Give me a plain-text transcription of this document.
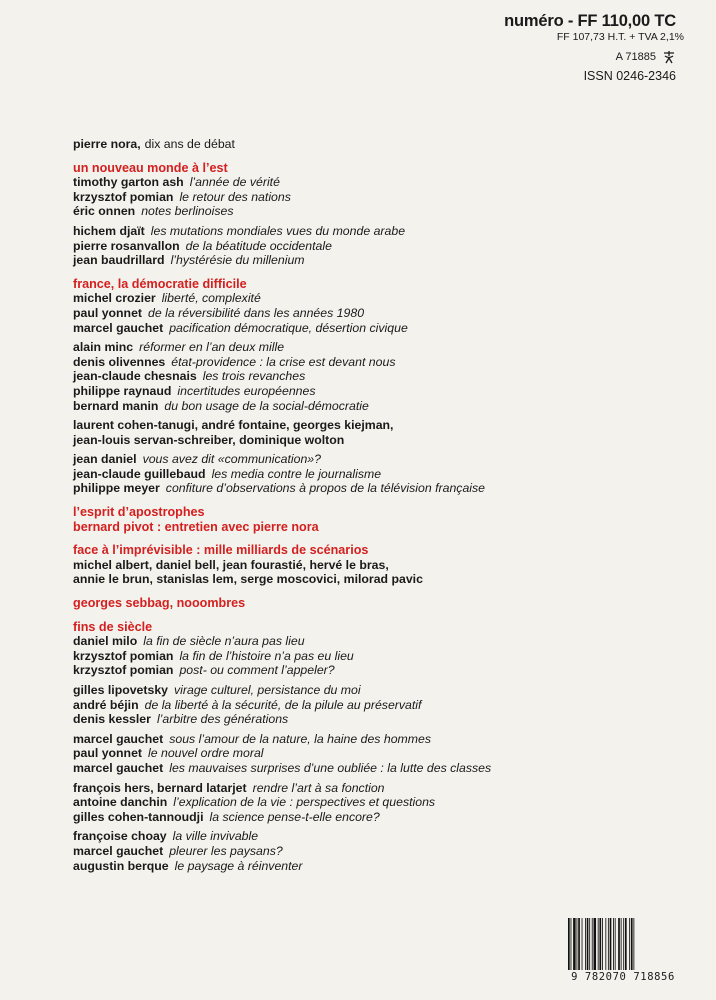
numéro - FF 110,00 TC
FF 107,73 H.T. + TVA 2,1%
A 71885
ISSN 0246-2346
pierre nora, dix ans de débat
un nouveau monde à l’est
timothy garton ash l’année de vérité
krzysztof pomian le retour des nations
éric onnen notes berlinoises
hichem djaït les mutations mondiales vues du monde arabe
pierre rosanvallon de la béatitude occidentale
jean baudrillard l’hystérésie du millenium
france, la démocratie difficile
michel crozier liberté, complexité
paul yonnet de la réversibilité dans les années 1980
marcel gauchet pacification démocratique, désertion civique
alain minc réformer en l’an deux mille
denis olivennes état-providence : la crise est devant nous
jean-claude chesnais les trois revanches
philippe raynaud incertitudes européennes
bernard manin du bon usage de la social-démocratie
laurent cohen-tanugi, andré fontaine, georges kiejman,
jean-louis servan-schreiber, dominique wolton
jean daniel vous avez dit «communication»?
jean-claude guillebaud les media contre le journalisme
philippe meyer confiture d’observations à propos de la télévision française
l’esprit d’apostrophes
bernard pivot : entretien avec pierre nora
face à l’imprévisible : mille milliards de scénarios
michel albert, daniel bell, jean fourastié, hervé le bras,
annie le brun, stanislas lem, serge moscovici, milorad pavic
georges sebbag, nooombres
fins de siècle
daniel milo la fin de siècle n’aura pas lieu
krzysztof pomian la fin de l’histoire n’a pas eu lieu
krzysztof pomian post- ou comment l’appeler?
gilles lipovetsky virage culturel, persistance du moi
andré béjin de la liberté à la sécurité, de la pilule au préservatif
denis kessler l’arbitre des générations
marcel gauchet sous l’amour de la nature, la haine des hommes
paul yonnet le nouvel ordre moral
marcel gauchet les mauvaises surprises d’une oubliée : la lutte des classes
françois hers, bernard latarjet rendre l’art à sa fonction
antoine danchin l’explication de la vie : perspectives et questions
gilles cohen-tannoudji la science pense-t-elle encore?
françoise choay la ville invivable
marcel gauchet pleurer les paysans?
augustin berque le paysage à réinventer
9 782070 718856
